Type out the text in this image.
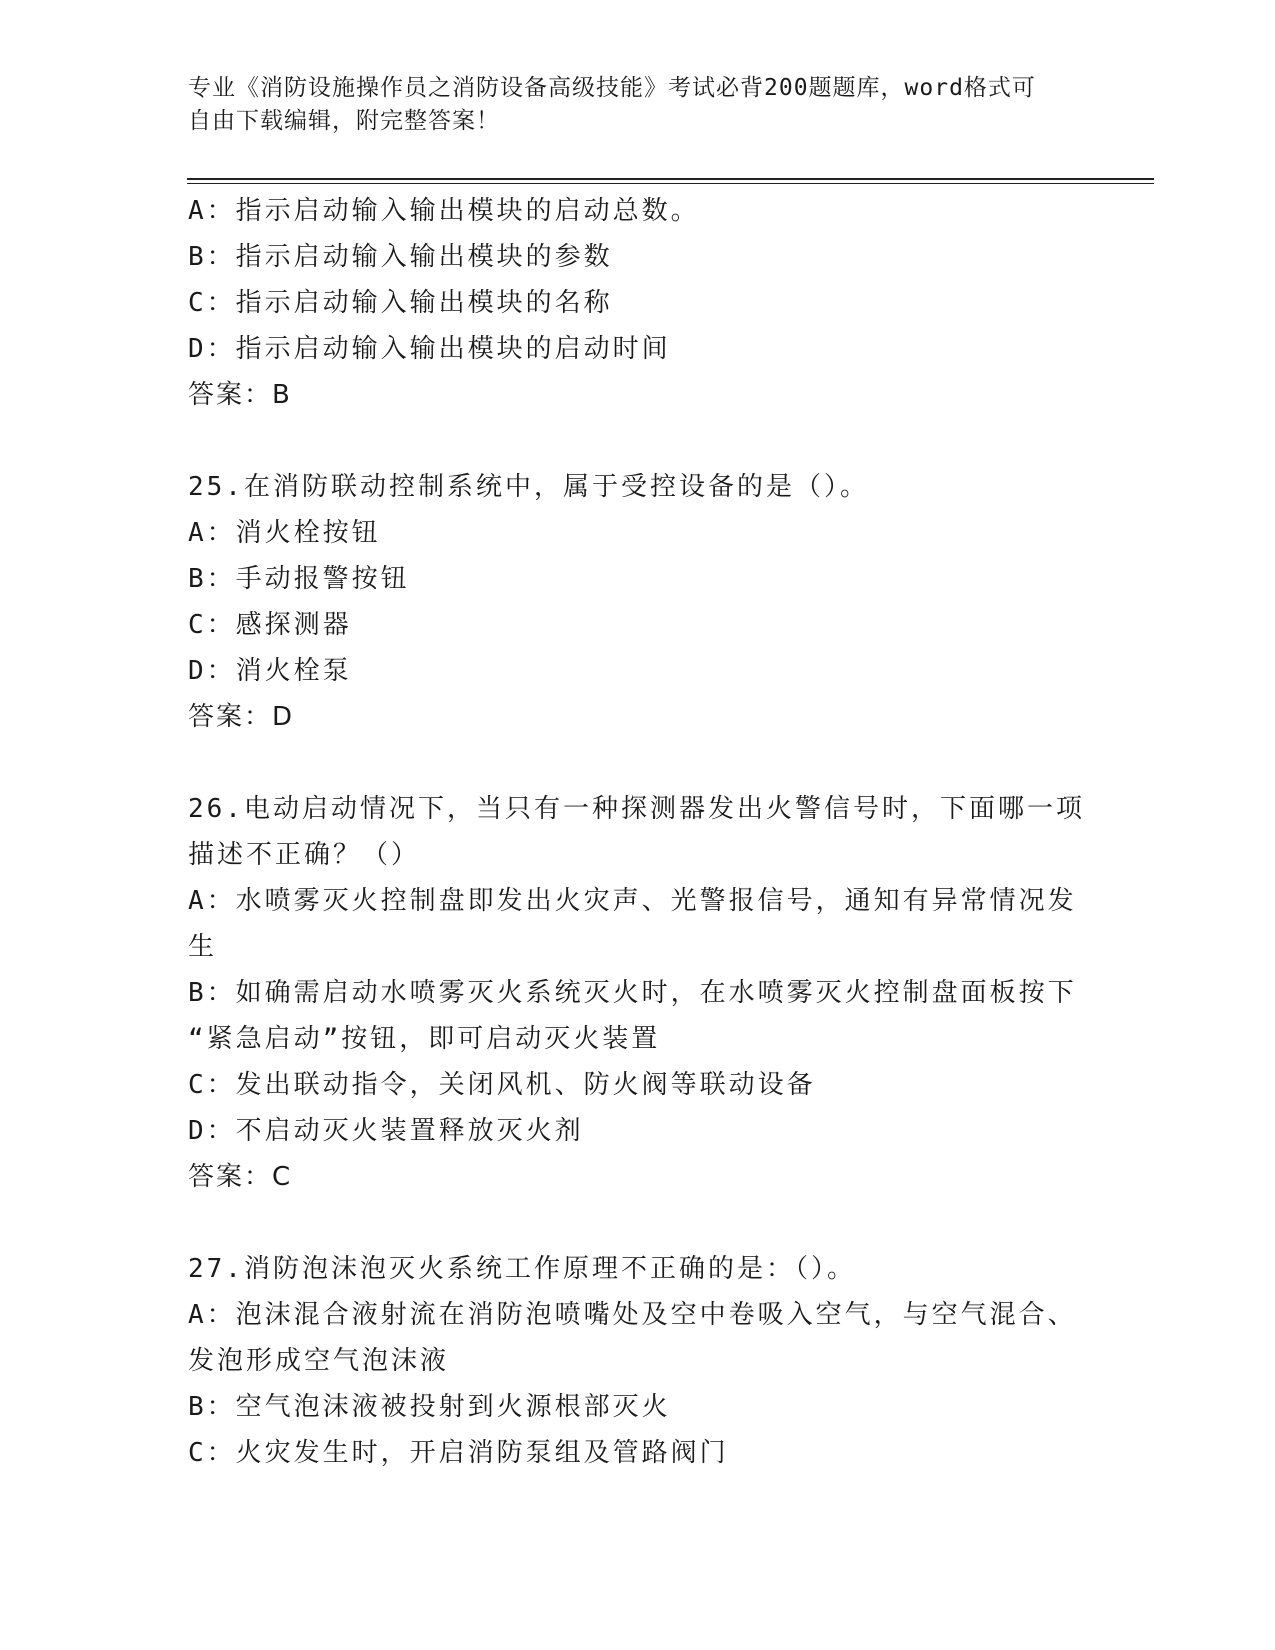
专业《消防设施操作员之消防设备高级技能》考试必背200题题库，word格式可
自由下载编辑，附完整答案！
A：指示启动输入输出模块的启动总数。
B：指示启动输入输出模块的参数
C：指示启动输入输出模块的名称
D：指示启动输入输出模块的启动时间
答案：B
25.在消防联动控制系统中，属于受控设备的是（）。
A：消火栓按钮
B：手动报警按钮
C：感探测器
D：消火栓泵
答案：D
26.电动启动情况下，当只有一种探测器发出火警信号时，下面哪一项
描述不正确？（）
A：水喷雾灭火控制盘即发出火灾声、光警报信号，通知有异常情况发
生
B：如确需启动水喷雾灭火系统灭火时，在水喷雾灭火控制盘面板按下
“紧急启动”按钮，即可启动灭火装置
C：发出联动指令，关闭风机、防火阀等联动设备
D：不启动灭火装置释放灭火剂
答案：C
27.消防泡沫泡灭火系统工作原理不正确的是：（）。
A：泡沫混合液射流在消防泡喷嘴处及空中卷吸入空气，与空气混合、
发泡形成空气泡沫液
B：空气泡沫液被投射到火源根部灭火
C：火灾发生时，开启消防泵组及管路阀门
